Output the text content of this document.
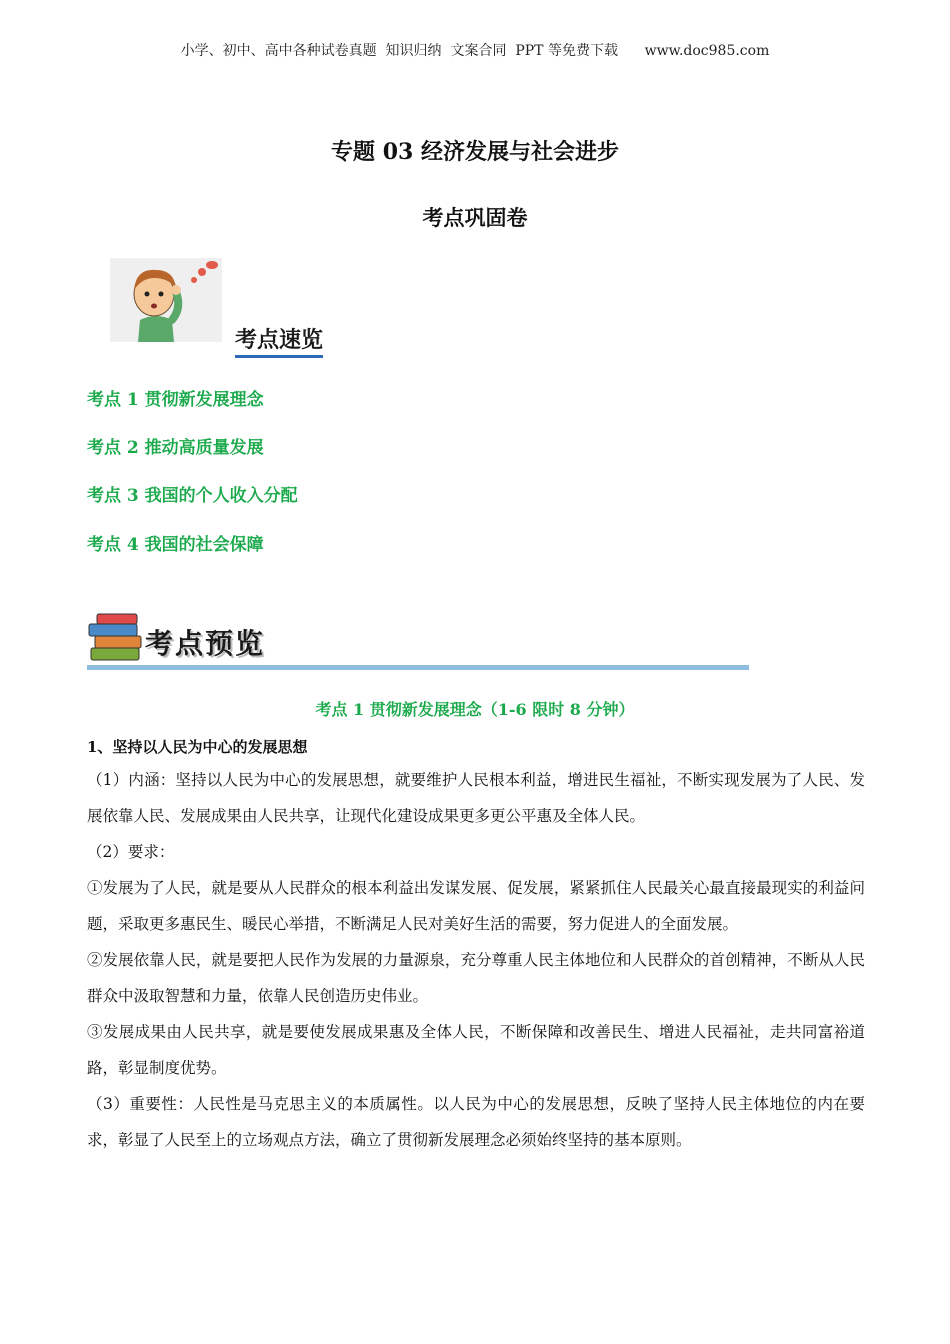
小学、初中、高中各种试卷真题  知识归纳  文案合同  PPT 等免费下载      www.doc985.com
专题 03 经济发展与社会进步
考点巩固卷
考点速览
考点 1 贯彻新发展理念
考点 2 推动高质量发展
考点 3 我国的个人收入分配
考点 4 我国的社会保障
考点预览
考点 1 贯彻新发展理念（1-6 限时 8 分钟）
1、坚持以人民为中心的发展思想

（1）内涵：坚持以人民为中心的发展思想，就要维护人民根本利益，增进民生福祉，不断实现发展为了人民、发展依靠人民、发展成果由人民共享，让现代化建设成果更多更公平惠及全体人民。

（2）要求：

①发展为了人民，就是要从人民群众的根本利益出发谋发展、促发展，紧紧抓住人民最关心最直接最现实的利益问题，采取更多惠民生、暖民心举措，不断满足人民对美好生活的需要，努力促进人的全面发展。

②发展依靠人民，就是要把人民作为发展的力量源泉，充分尊重人民主体地位和人民群众的首创精神，不断从人民群众中汲取智慧和力量，依靠人民创造历史伟业。

③发展成果由人民共享，就是要使发展成果惠及全体人民，不断保障和改善民生、增进人民福祉，走共同富裕道路，彰显制度优势。

（3）重要性：人民性是马克思主义的本质属性。以人民为中心的发展思想，反映了坚持人民主体地位的内在要求，彰显了人民至上的立场观点方法，确立了贯彻新发展理念必须始终坚持的基本原则。
